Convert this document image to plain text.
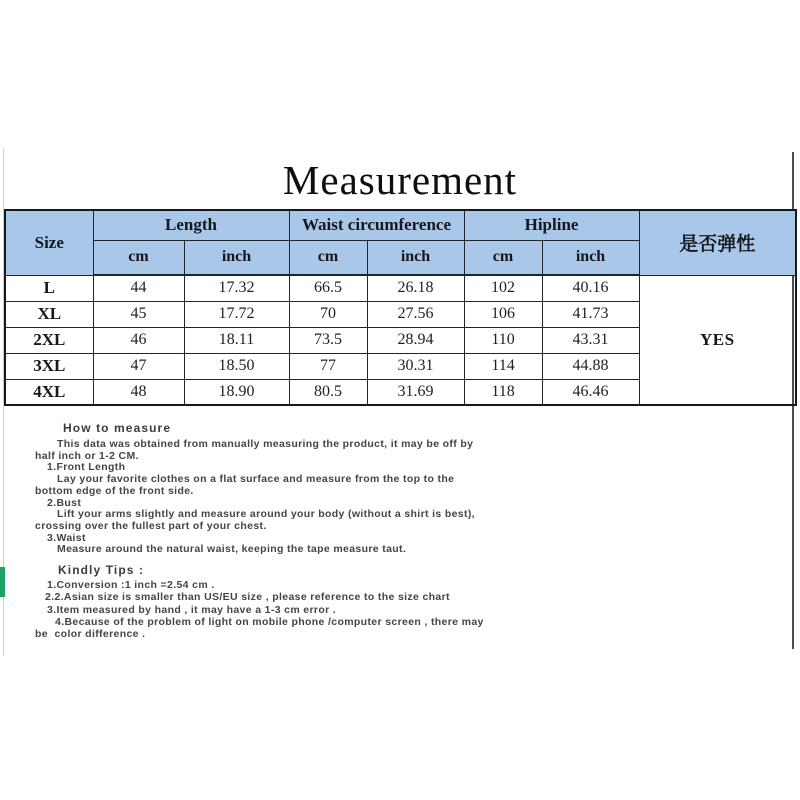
Measurement
Size	Length		Waist circumference		Hipline		是否弹性
	cm	inch	cm	inch	cm	inch	
L	44	17.32	66.5	26.18	102	40.16	YES
XL	45	17.72	70	27.56	106	41.73	
2XL	46	18.11	73.5	28.94	110	43.31	
3XL	47	18.50	77	30.31	114	44.88	
4XL	48	18.90	80.5	31.69	118	46.46	
How to measure
This data was obtained from manually measuring the product, it may be off by
half inch or 1-2 CM.
1.Front Length
Lay your favorite clothes on a flat surface and measure from the top to the
bottom edge of the front side.
2.Bust
Lift your arms slightly and measure around your body (without a shirt is best),
crossing over the fullest part of your chest.
3.Waist
Measure around the natural waist, keeping the tape measure taut.
Kindly Tips :
1.Conversion :1 inch =2.54 cm .
2.2.Asian size is smaller than US/EU size , please reference to the size chart
3.Item measured by hand , it may have a 1-3 cm error .
4.Because of the problem of light on mobile phone /computer screen , there may
be  color difference .
